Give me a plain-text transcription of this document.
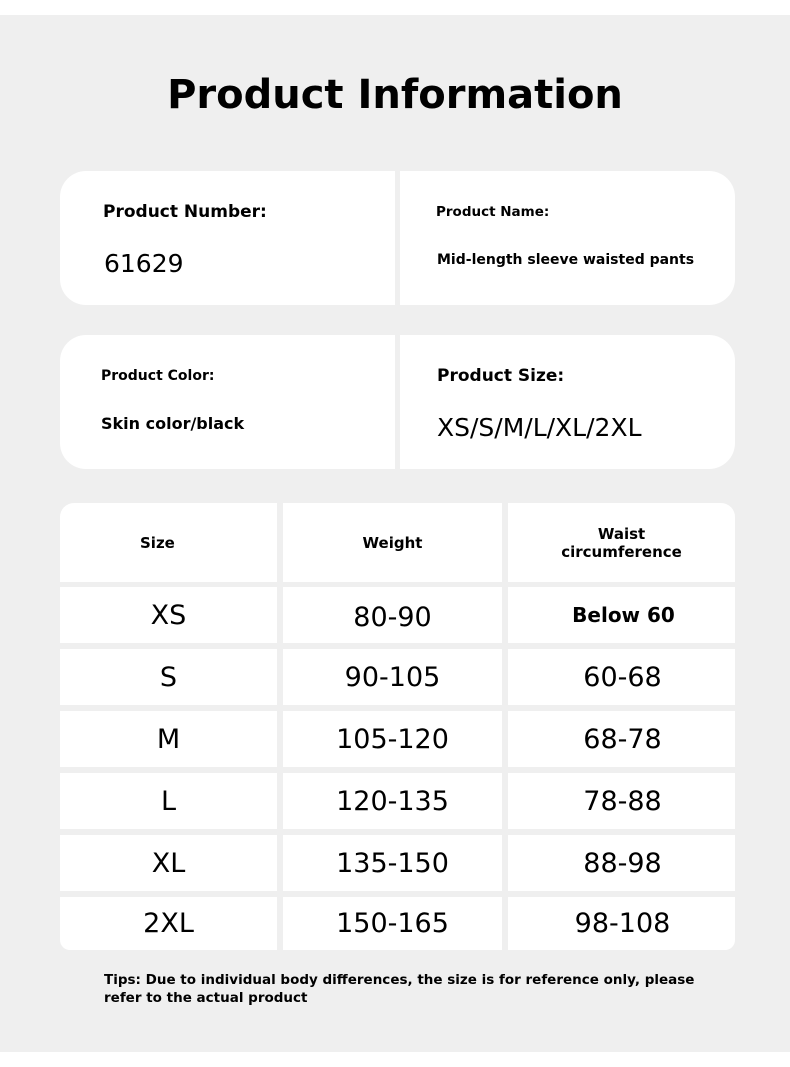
Product Information
Product Number:
61629
Product Name:
Mid-length sleeve waisted pants
Product Color:
Skin color/black
Product Size:
XS/S/M/L/XL/2XL
Size	Weight	Waist circumference
XS	80-90	Below 60
S	90-105	60-68
M	105-120	68-78
L	120-135	78-88
XL	135-150	88-98
2XL	150-165	98-108
Tips: Due to individual body differences, the size is for reference only, please refer to the actual product
